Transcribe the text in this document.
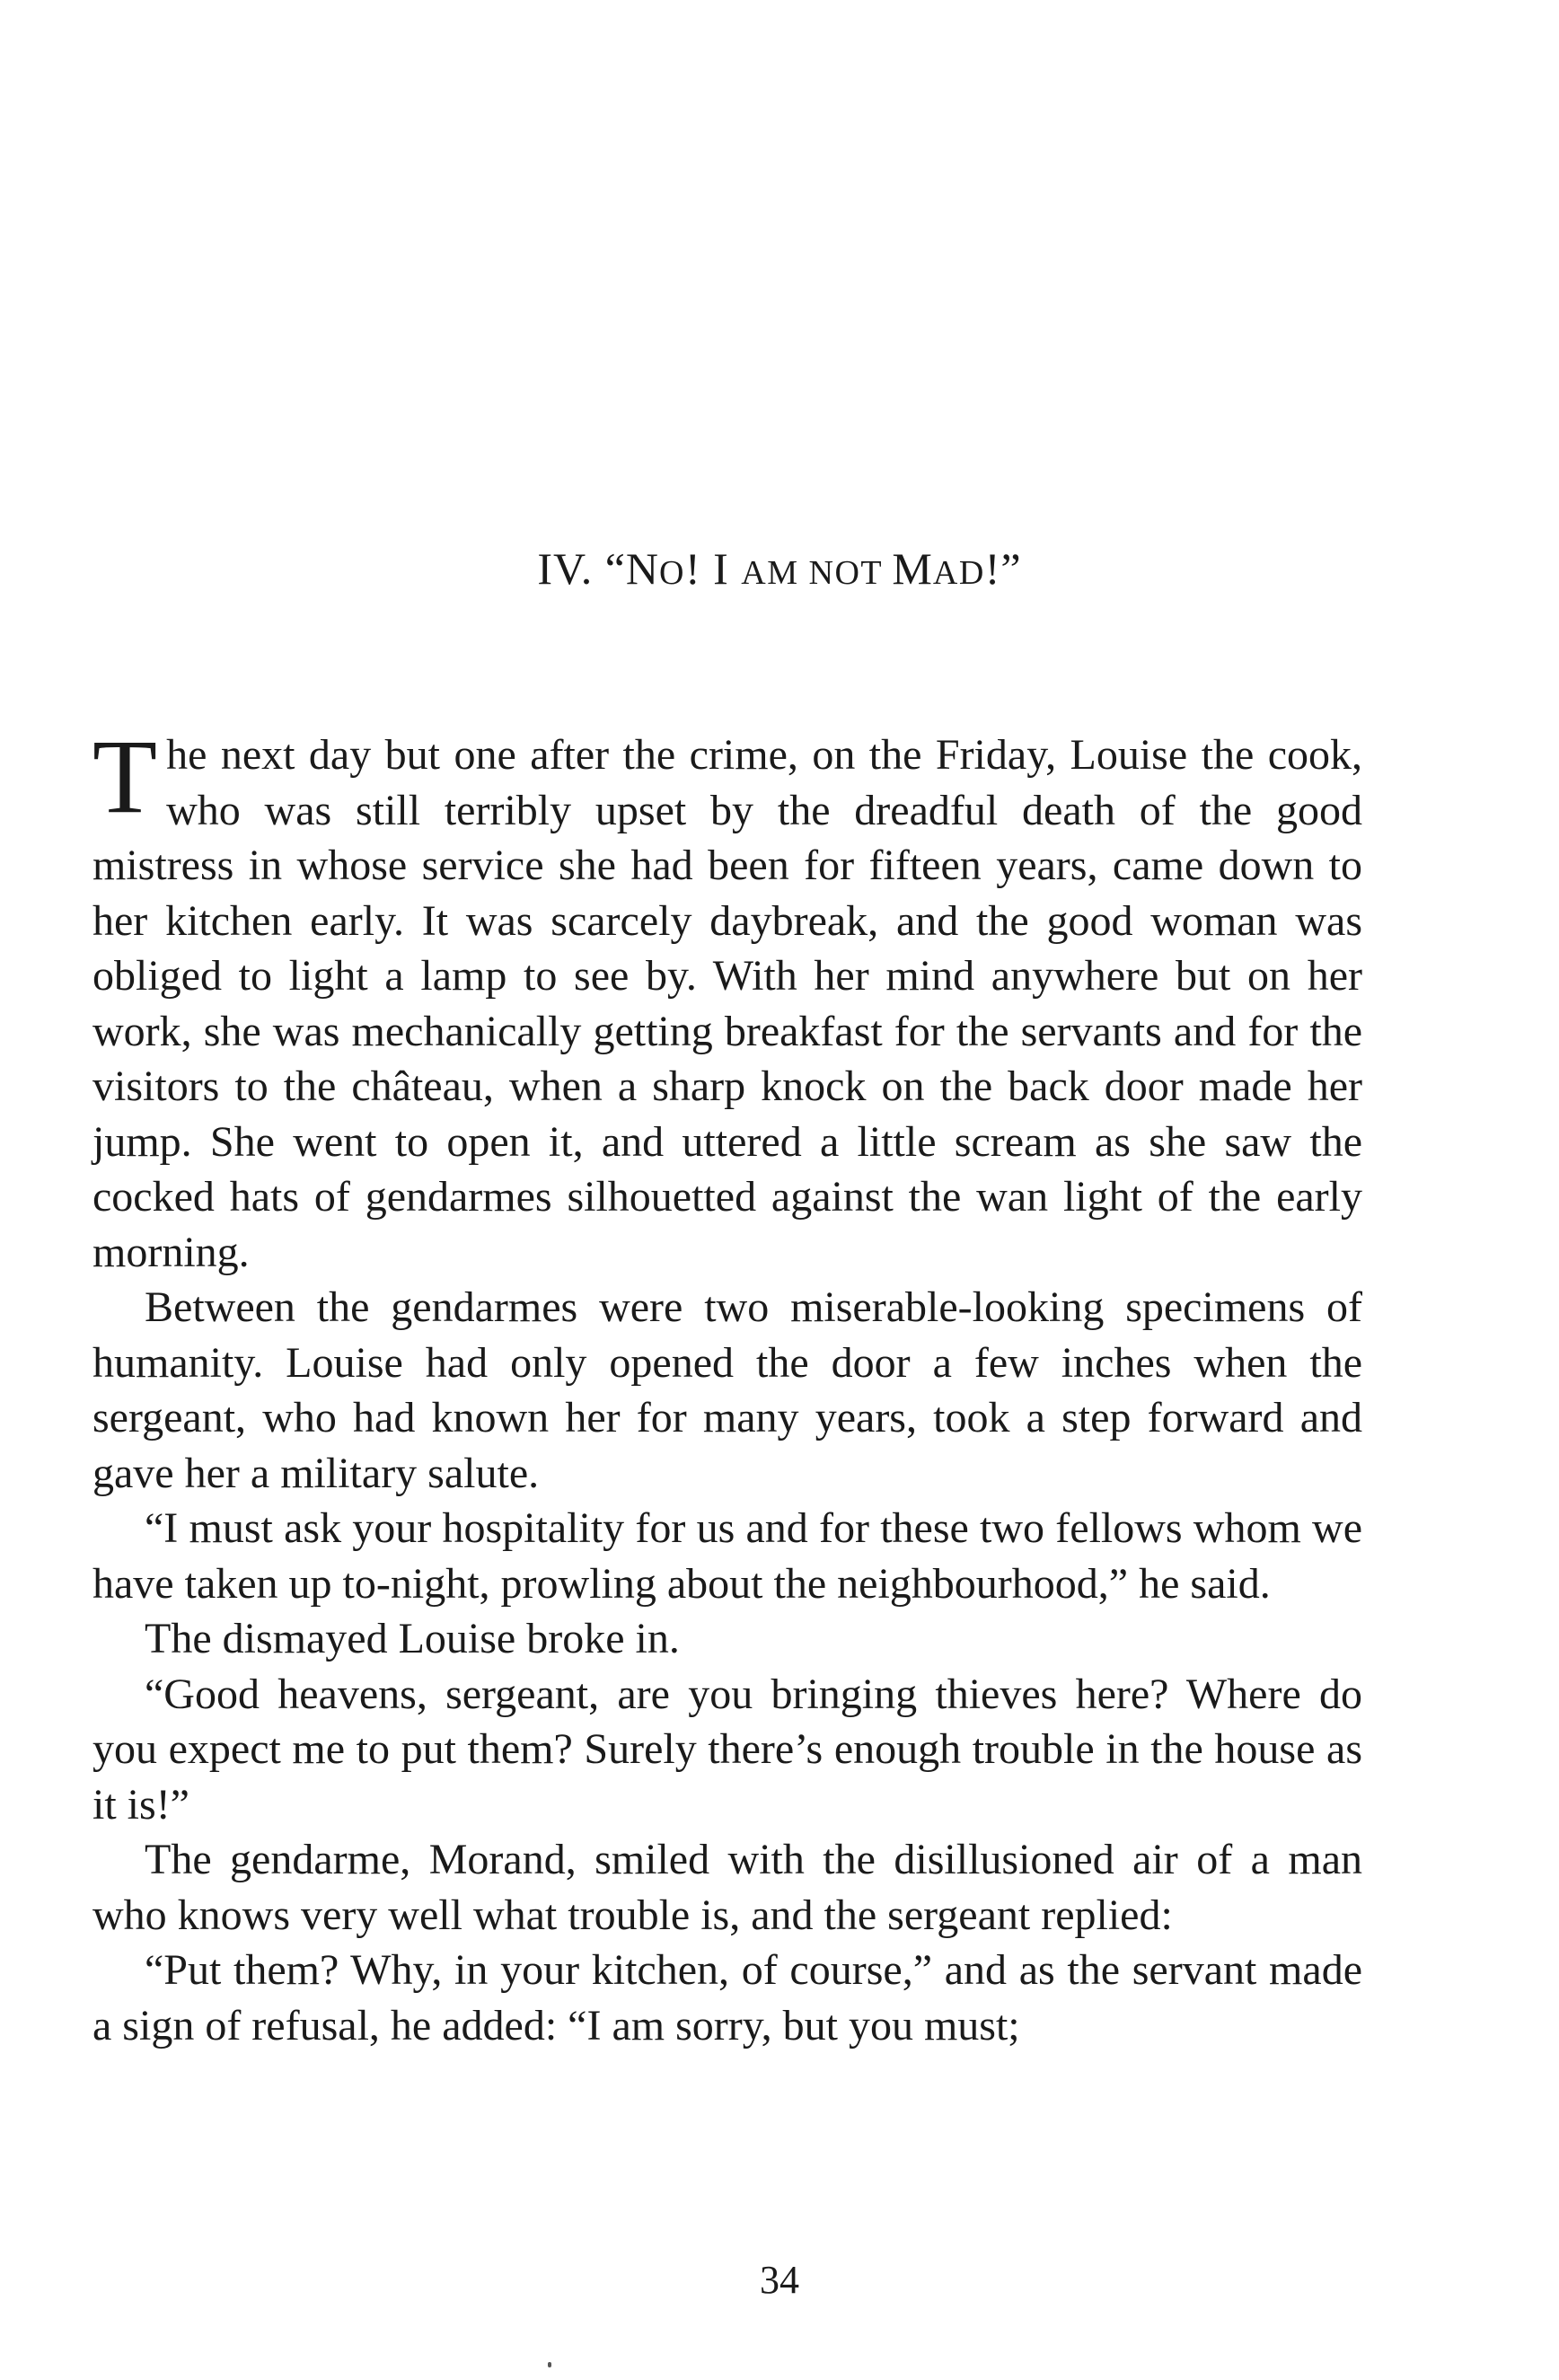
IV. “NO! I AM NOT MAD!”

The next day but one after the crime, on the Friday, Louise the cook, who was still terribly upset by the dreadful death of the good mistress in whose service she had been for fifteen years, came down to her kitchen early. It was scarcely daybreak, and the good woman was obliged to light a lamp to see by. With her mind anywhere but on her work, she was mechanically getting breakfast for the servants and for the visitors to the château, when a sharp knock on the back door made her jump. She went to open it, and uttered a little scream as she saw the cocked hats of gendarmes silhouetted against the wan light of the early morning.

Between the gendarmes were two miserable-looking specimens of humanity. Louise had only opened the door a few inches when the sergeant, who had known her for many years, took a step forward and gave her a military salute.

“I must ask your hospitality for us and for these two fellows whom we have taken up to-night, prowling about the neighbourhood,” he said.

The dismayed Louise broke in.

“Good heavens, sergeant, are you bringing thieves here? Where do you expect me to put them? Surely there’s enough trouble in the house as it is!”

The gendarme, Morand, smiled with the disillusioned air of a man who knows very well what trouble is, and the sergeant replied:

“Put them? Why, in your kitchen, of course,” and as the servant made a sign of refusal, he added: “I am sorry, but you must;

34
